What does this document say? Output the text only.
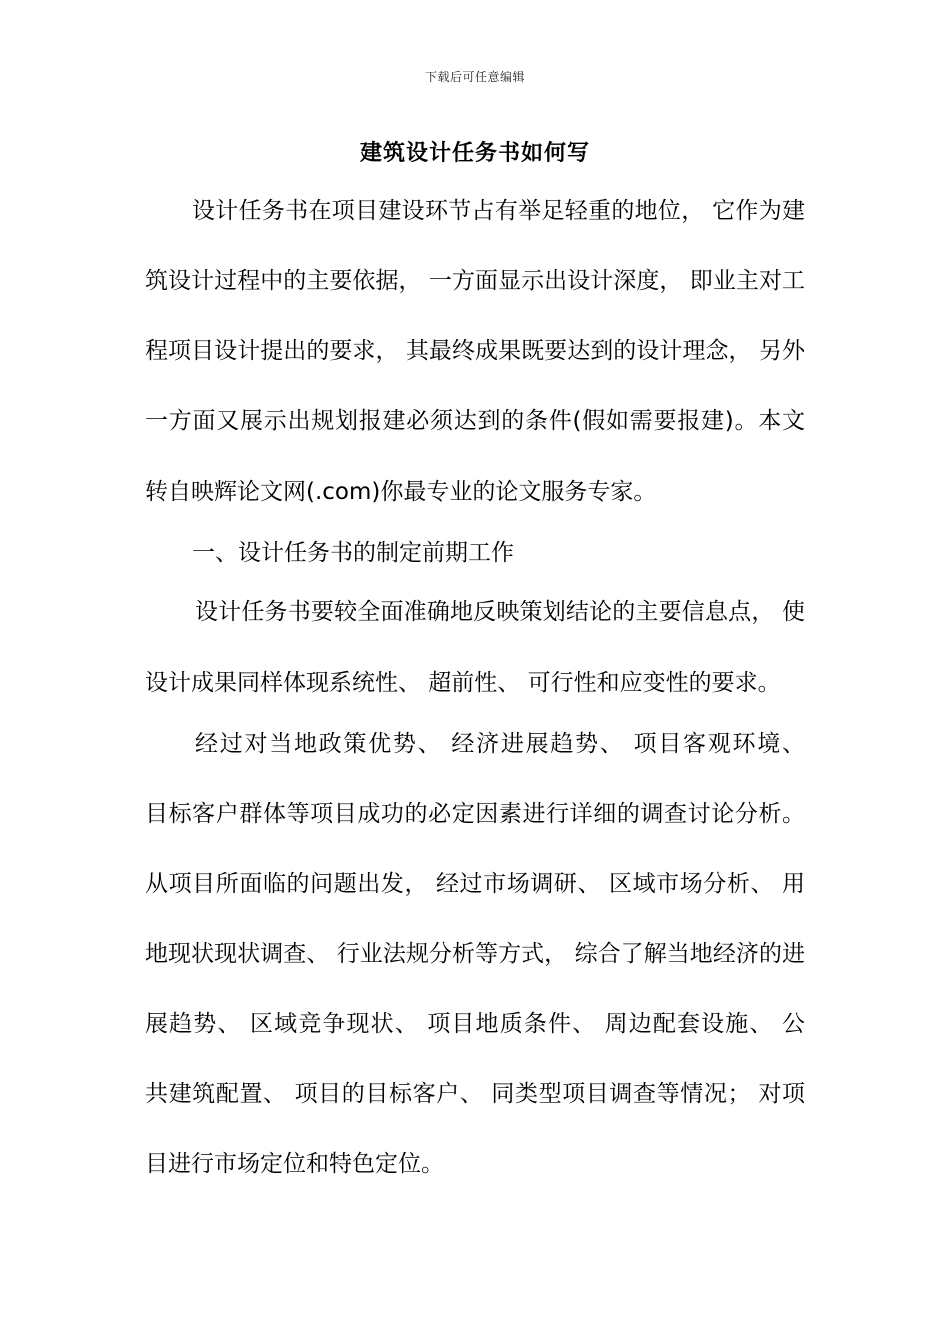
下载后可任意编辑
建筑设计任务书如何写
设计任务书在项目建设环节占有举足轻重的地位， 它作为建
筑设计过程中的主要依据， 一方面显示出设计深度， 即业主对工
程项目设计提出的要求， 其最终成果既要达到的设计理念， 另外
一方面又展示出规划报建必须达到的条件(假如需要报建)。本文
转自映辉论文网(.com)你最专业的论文服务专家。
一、设计任务书的制定前期工作
设计任务书要较全面准确地反映策划结论的主要信息点， 使
设计成果同样体现系统性、 超前性、 可行性和应变性的要求。
经过对当地政策优势、 经济进展趋势、 项目客观环境、
目标客户群体等项目成功的必定因素进行详细的调查讨论分析。
从项目所面临的问题出发， 经过市场调研、 区域市场分析、 用
地现状现状调查、 行业法规分析等方式， 综合了解当地经济的进
展趋势、 区域竞争现状、 项目地质条件、 周边配套设施、 公
共建筑配置、 项目的目标客户、 同类型项目调查等情况； 对项
目进行市场定位和特色定位。
